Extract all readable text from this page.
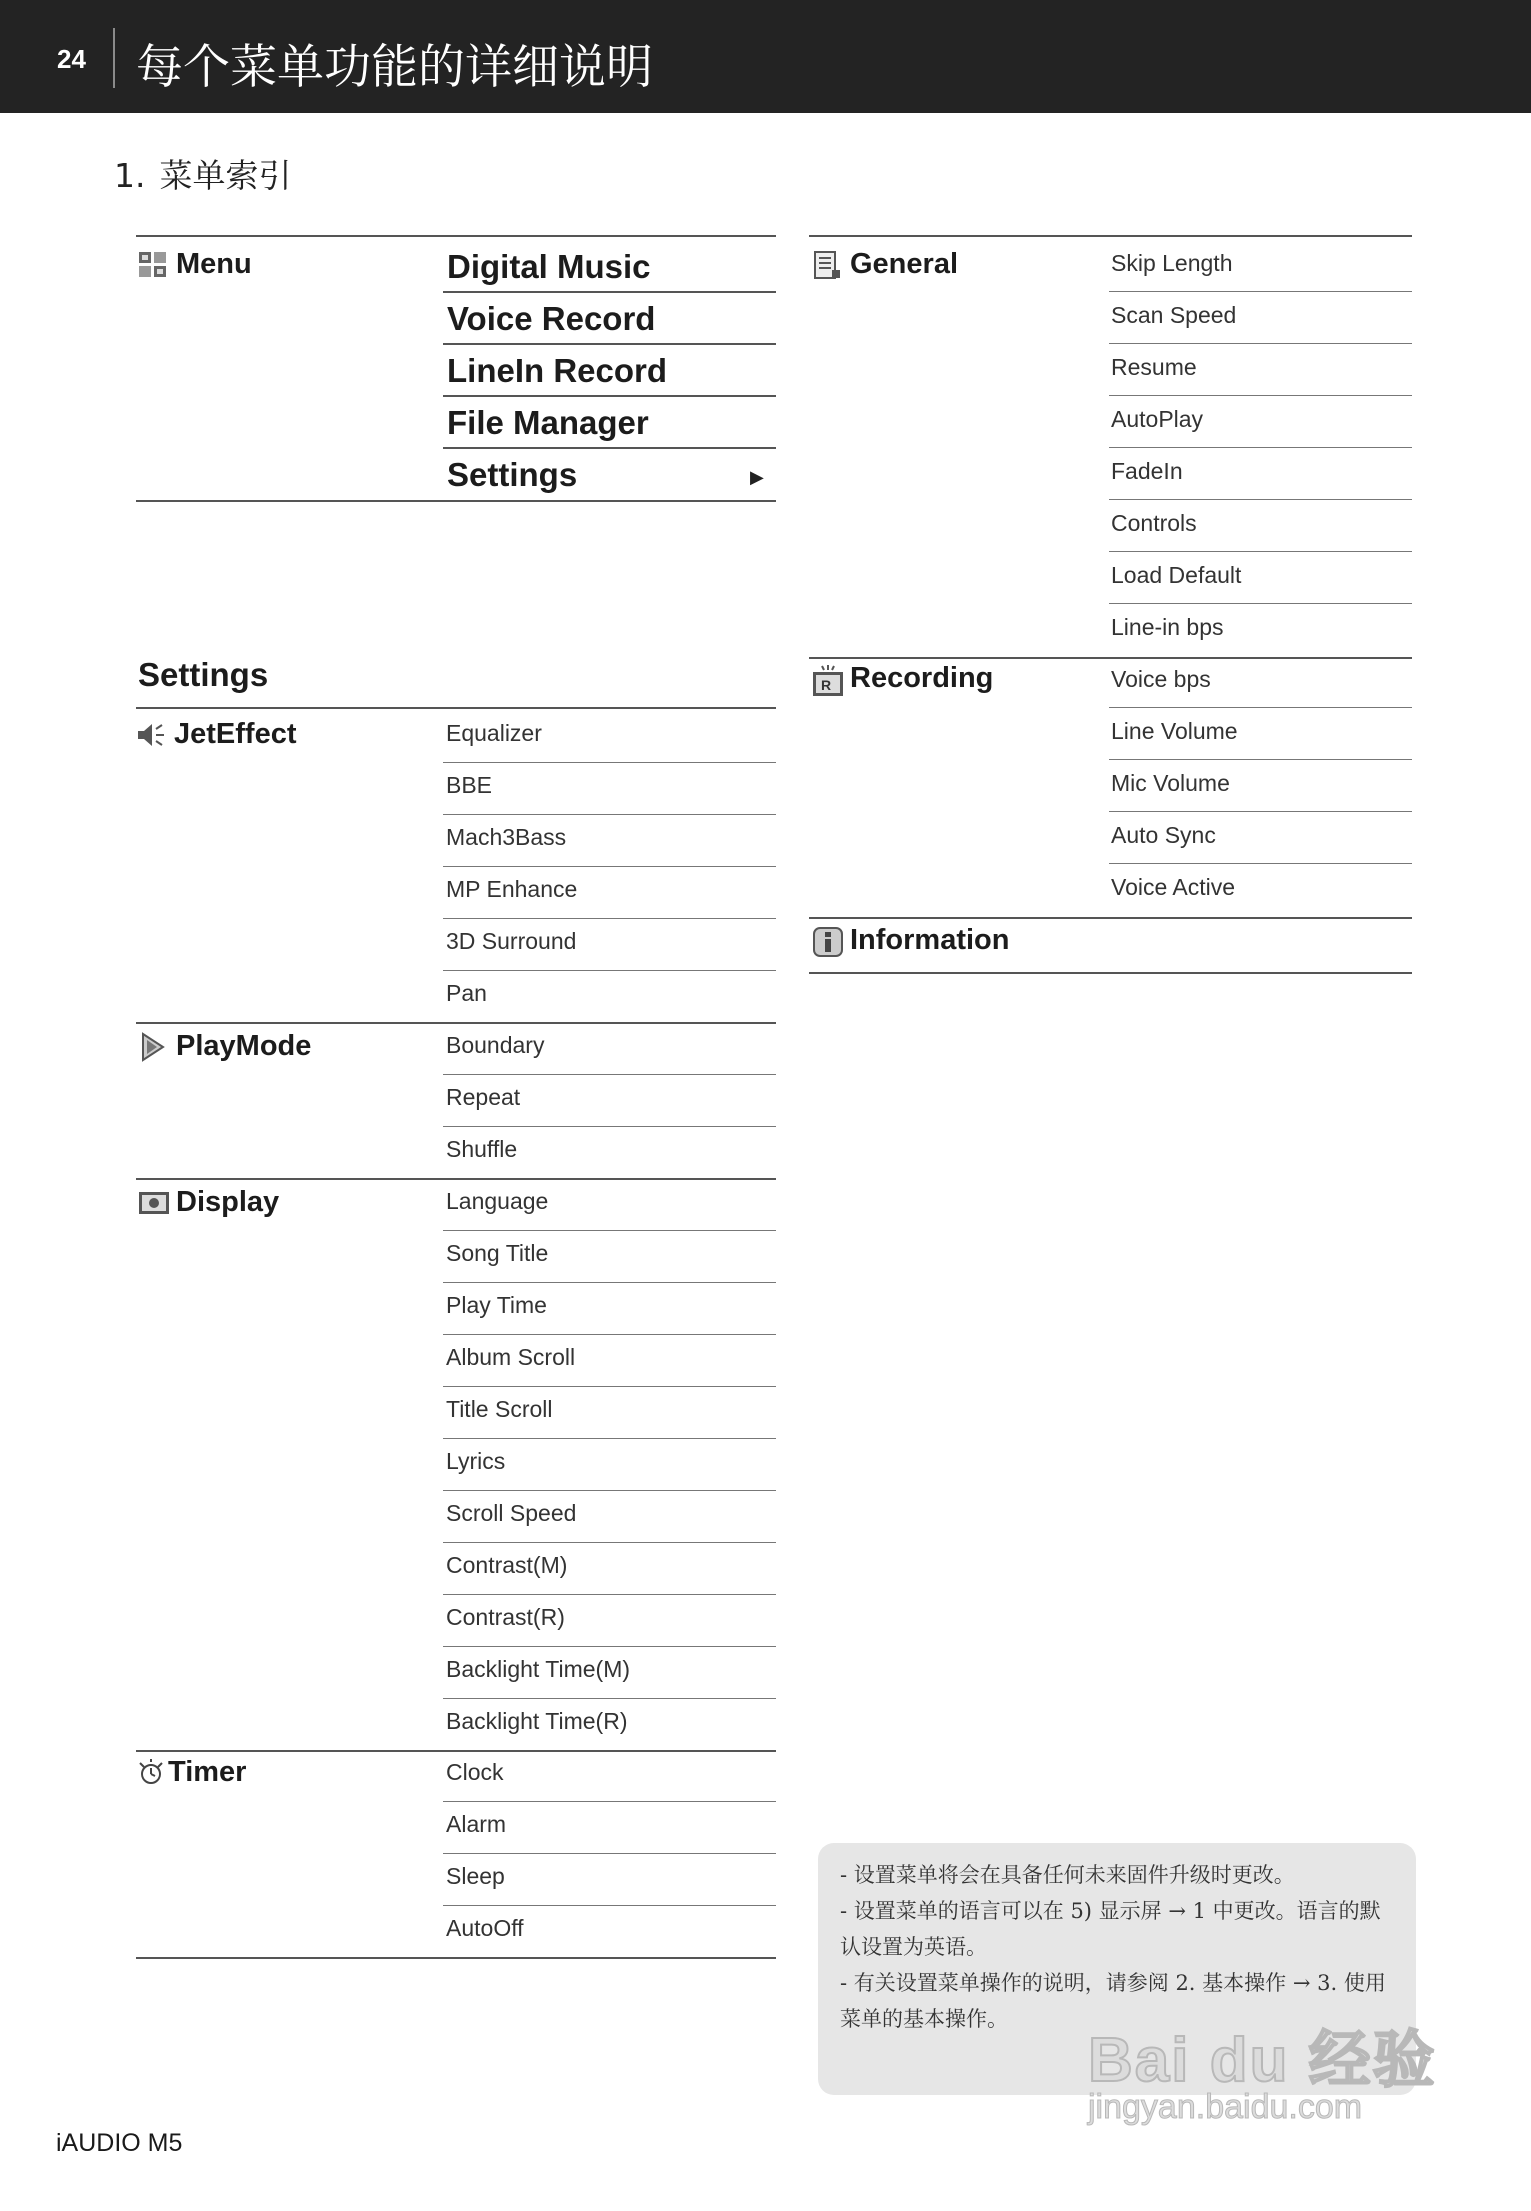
24 每个菜单功能的详细说明
1. 菜单索引
Menu	Digital Music
Voice Record
LineIn Record
File Manager
Settings	▶
Settings
JetEffect
PlayMode
Display
Timer
Equalizer
BBE
Mach3Bass
MP Enhance
3D Surround
Pan
Boundary
Repeat
Shuffle
Language
Song Title
Play Time
Album Scroll
Title Scroll
Lyrics
Scroll Speed
Contrast(M)
Contrast(R)
Backlight Time(M)
Backlight Time(R)
Clock
Alarm
Sleep
AutoOff
General
R Recording
Information
Skip Length
Scan Speed
Resume
AutoPlay
FadeIn
Controls
Load Default
Line-in bps
Voice bps
Line Volume
Mic Volume
Auto Sync
Voice Active
- 设置菜单将会在具备任何未来固件升级时更改。
- 设置菜单的语言可以在 5) 显示屏 → 1 中更改。语言的默认设置为英语。
- 有关设置菜单操作的说明，请参阅 2. 基本操作 → 3. 使用菜单的基本操作。
Bai du 经验
jingyan.baidu.com
iAUDIO M5
